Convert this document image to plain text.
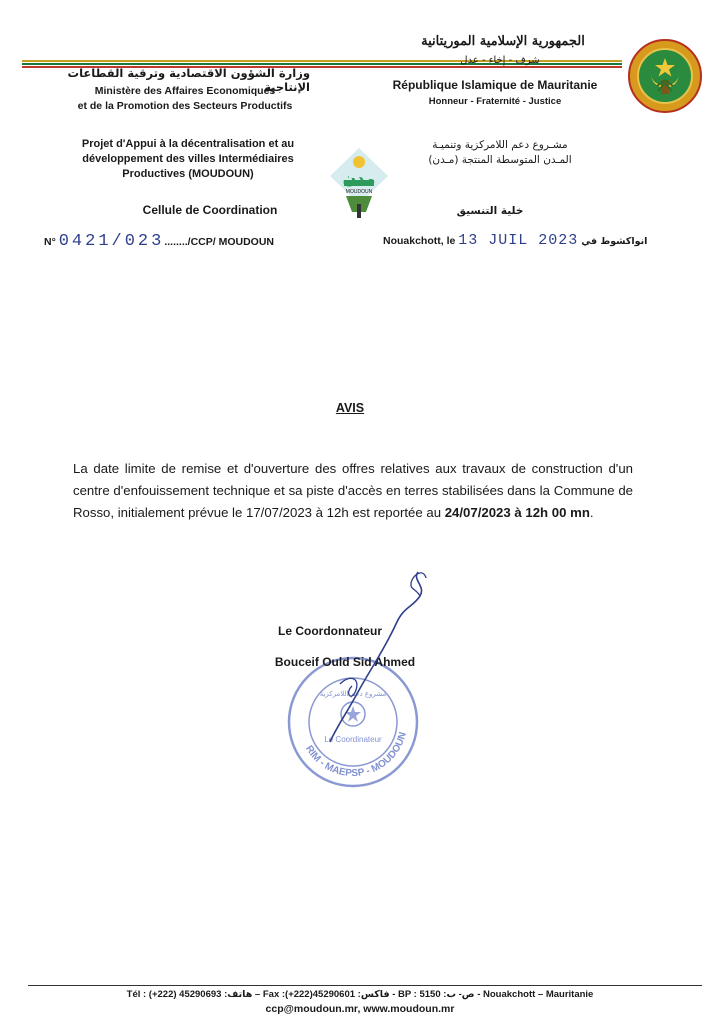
الجمهورية الإسلامية الموريتانية
شرف - إخاء - عدل
وزارة الشؤون الاقتصادية وترقية القطاعات الإنتاجية
Ministère des Affaires Economiques
et de la Promotion des Secteurs Productifs
République Islamique de Mauritanie
Honneur - Fraternité - Justice
Projet d'Appui à la décentralisation et au
développement des villes Intermédiaires
Productives (MOUDOUN)
مشـروع دعم اللامركزية وتنميـة
المـدن المتوسطة المنتجة (مـدن)
مدن
MOUDOUN
Cellule de Coordination	خلية التنسيق
N° 0421/023......../CCP/ MOUDOUN	Nouakchott, le 13 JUIL 2023 انواكشوط في
AVIS
La date limite de remise et d'ouverture des offres relatives aux travaux de construction d'un centre d'enfouissement technique et sa piste d'accès en terres stabilisées dans la Commune de Rosso, initialement prévue le 17/07/2023 à 12h est reportée au 24/07/2023 à 12h 00 mn.
RIM - MAEPSP - MOUDOUN
Le Coordinateur
مشروع دعم اللامركزية
Le Coordonnateur
Bouceif Ould Sid Ahmed
Tél : (+222) 45290693 :هاتف – Fax :(+222)45290601 :فاكس - BP : 5150 :ص- ب - Nouakchott – Mauritanie
ccp@moudoun.mr, www.moudoun.mr
